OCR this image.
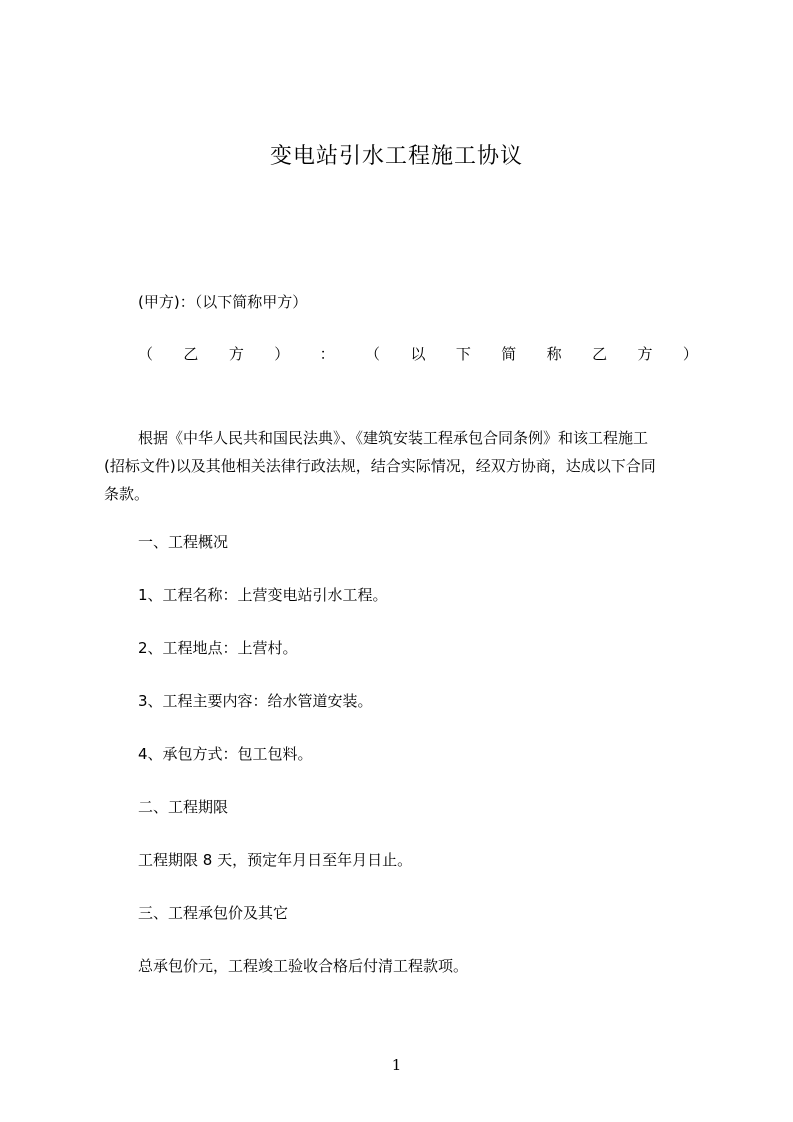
变电站引水工程施工协议
(甲方)：（以下简称甲方）
（ 乙 方 ） ： （ 以 下 简 称 乙 方 ）
根据《中华人民共和国民法典》、《建筑安装工程承包合同条例》和该工程施工
(招标文件)以及其他相关法律行政法规，结合实际情况，经双方协商，达成以下合同
条款。
一、工程概况
1、工程名称：上营变电站引水工程。
2、工程地点：上营村。
3、工程主要内容：给水管道安装。
4、承包方式：包工包料。
二、工程期限
工程期限 8 天，预定年月日至年月日止。
三、工程承包价及其它
总承包价元，工程竣工验收合格后付清工程款项。
1
